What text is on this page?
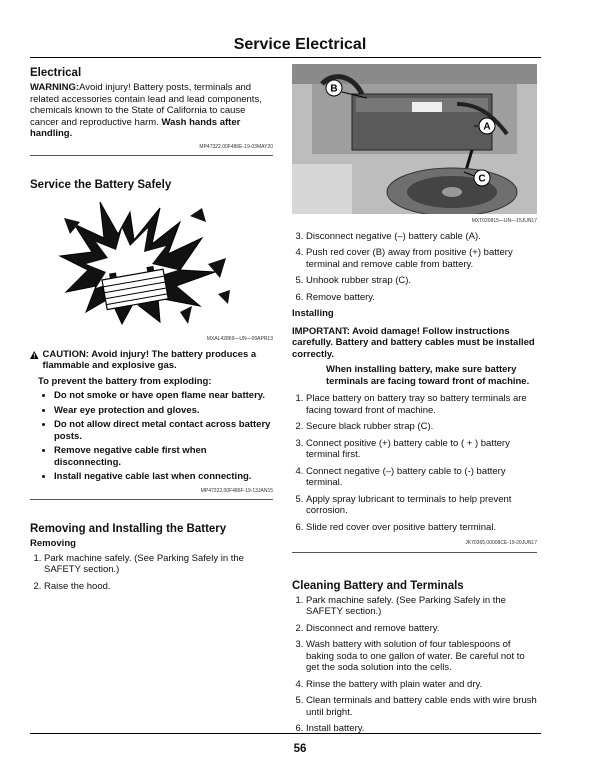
Service Electrical
Electrical

WARNING:Avoid injury! Battery posts, terminals and related accessories contain lead and lead components, chemicals known to the State of California to cause cancer and reproductive harm. Wash hands after handling.

MP47322,00F486E-19-03MAY20
Service the Battery Safely
MXAL42869—UN—09APR13

CAUTION: Avoid injury! The battery produces a flammable and explosive gas.

To prevent the battery from exploding:

• Do not smoke or have open flame near battery.
• Wear eye protection and gloves.
• Do not allow direct metal contact across battery posts.
• Remove negative cable first when disconnecting.
• Install negative cable last when connecting.
MP47322,00F486F-19-13JAN15
Removing and Installing the Battery
Removing
1. Park machine safely. (See Parking Safely in the SAFETY section.)
2. Raise the hood.
B
A
C
MXT020815—UN—15JUN17
3. Disconnect negative (–) battery cable (A).
4. Push red cover (B) away from positive (+) battery terminal and remove cable from battery.
5. Unhook rubber strap (C).
6. Remove battery.
Installing

IMPORTANT: Avoid damage! Follow instructions carefully. Battery and battery cables must be installed correctly.

When installing battery, make sure battery terminals are facing toward front of machine.

1. Place battery on battery tray so battery terminals are facing toward front of machine.
2. Secure black rubber strap (C).
3. Connect positive (+) battery cable to ( + ) battery terminal first.
4. Connect negative (–) battery cable to (-) battery terminal.
5. Apply spray lubricant to terminals to help prevent corrosion.
6. Slide red cover over positive battery terminal.
JK70365,00008CE-19-20JUN17
Cleaning Battery and Terminals
1. Park machine safely. (See Parking Safely in the SAFETY section.)
2. Disconnect and remove battery.
3. Wash battery with solution of four tablespoons of baking soda to one gallon of water. Be careful not to get the soda solution into the cells.
4. Rinse the battery with plain water and dry.
5. Clean terminals and battery cable ends with wire brush until bright.
6. Install battery.
56
